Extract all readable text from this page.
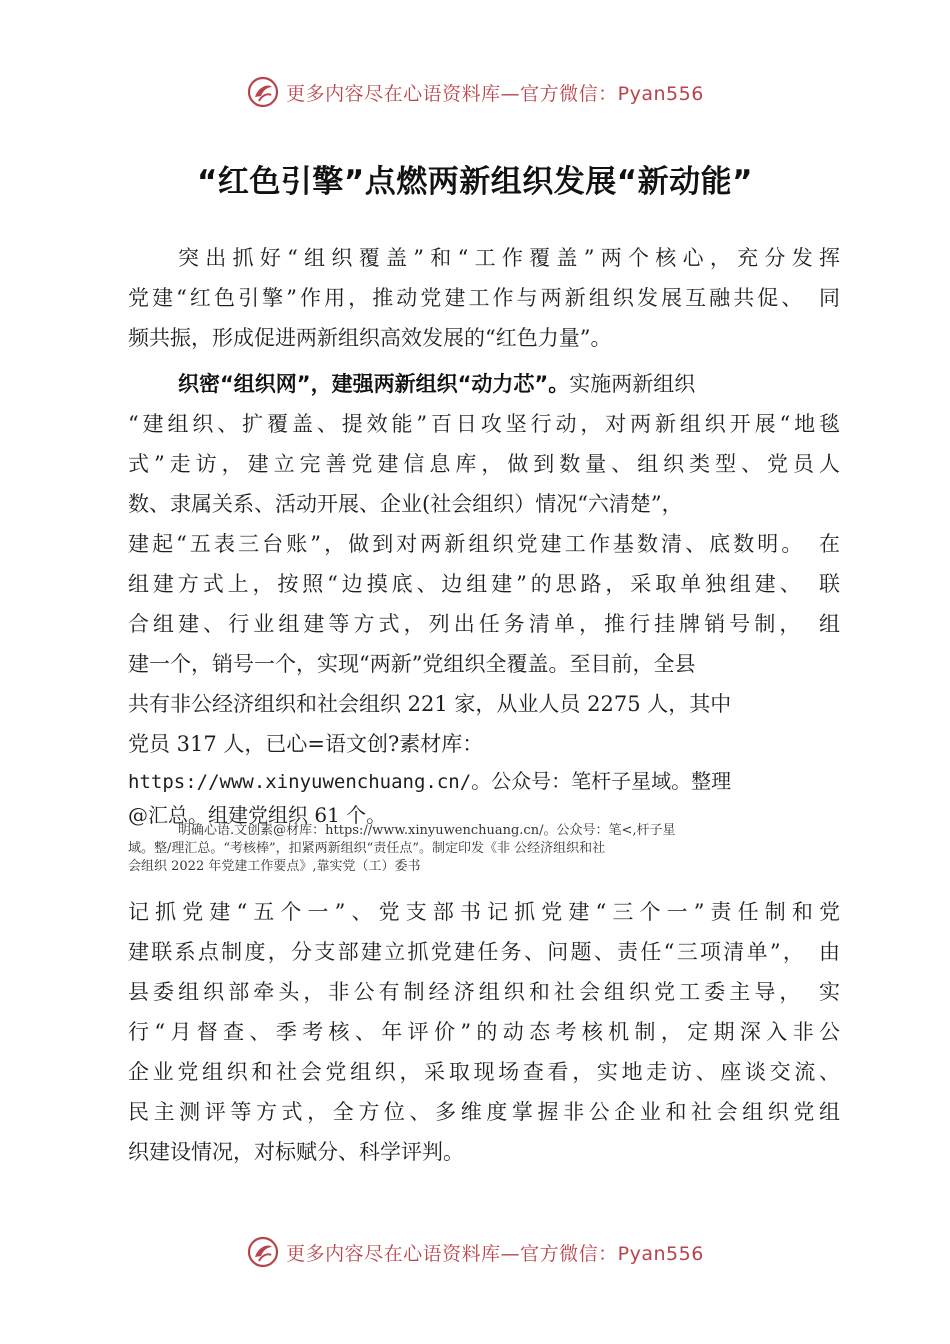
更多内容尽在心语资料库—官方微信：Pyan556
“红色引擎”点燃两新组织发展“新动能”
突出抓好“组织覆盖”和“工作覆盖”两个核心，充分发挥
党建“红色引擎”作用，推动党建工作与两新组织发展互融共促、　同
频共振，形成促进两新组织高效发展的“红色力量”。
织密“组织网”，建强两新组织“动力芯”。实施两新组织
“建组织、扩覆盖、提效能”百日攻坚行动，对两新组织开展“地毯
式”走访，建立完善党建信息库，做到数量、组织类型、党员人
数、隶属关系、活动开展、企业(社会组织）情况“六清楚”，
建起“五表三台账”，做到对两新组织党建工作基数清、底数明。　在
组建方式上，按照“边摸底、边组建”的思路，采取单独组建、　联
合组建、行业组建等方式，列出任务清单，推行挂牌销号制，　组
建一个，销号一个，实现“两新”党组织全覆盖。至目前，全县
共有非公经济组织和社会组织 221 家，从业人员 2275 人，其中
党员 317 人，已心=语文创?素材库：
https://www.xinyuwenchuang.cn/。公众号：笔杆子星域。整理
@汇总。组建党组织 61 个。
明确心语.文创素@材库：https://www.xinyuwenchuang.cn/。公众号：笔<,杆子星
域。整/理汇总。“考核棒”，扣紧两新组织“责任点”。制定印发《非 公经济组织和社
会组织 2022 年党建工作要点》,靠实党（工）委书
记抓党建“五个一”、党支部书记抓党建“三个一”责任制和党
建联系点制度，分支部建立抓党建任务、问题、责任“三项清单”，　由
县委组织部牵头，非公有制经济组织和社会组织党工委主导，　实
行“月督查、季考核、年评价”的动态考核机制，定期深入非公
企业党组织和社会党组织，采取现场查看，实地走访、座谈交流、
民主测评等方式，全方位、多维度掌握非公企业和社会组织党组
织建设情况，对标赋分、科学评判。
更多内容尽在心语资料库—官方微信：Pyan556
